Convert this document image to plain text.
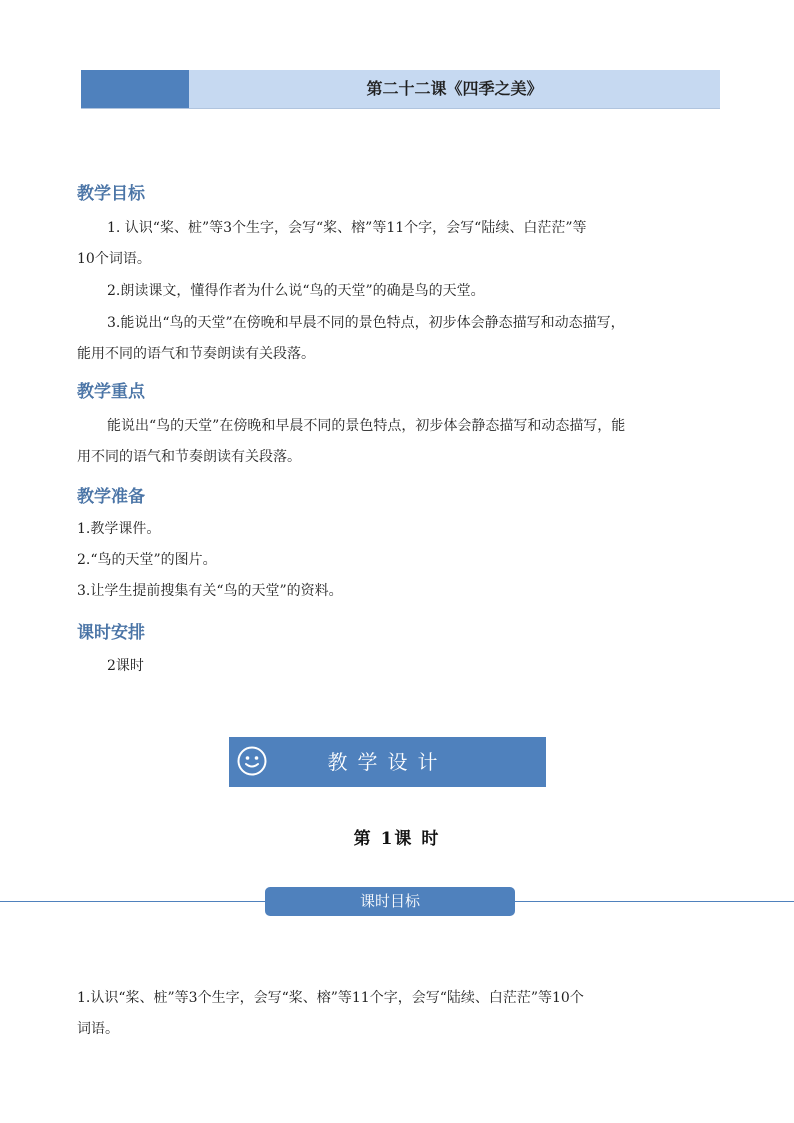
第二十二课《四季之美》
教学目标
1. 认识“桨、桩”等3个生字，会写“桨、榕”等11个字，会写“陆续、白茫茫”等
10个词语。
2.朗读课文，懂得作者为什么说“鸟的天堂”的确是鸟的天堂。
3.能说出“鸟的天堂”在傍晚和早晨不同的景色特点，初步体会静态描写和动态描写，
能用不同的语气和节奏朗读有关段落。
教学重点
能说出“鸟的天堂”在傍晚和早晨不同的景色特点，初步体会静态描写和动态描写，能
用不同的语气和节奏朗读有关段落。
教学准备
1.教学课件。
2.“鸟的天堂”的图片。
3.让学生提前搜集有关“鸟的天堂”的资料。
课时安排
2课时
教学设计
第 1课 时
课时目标
1.认识“桨、桩”等3个生字，会写“桨、榕”等11个字，会写“陆续、白茫茫”等10个
词语。
